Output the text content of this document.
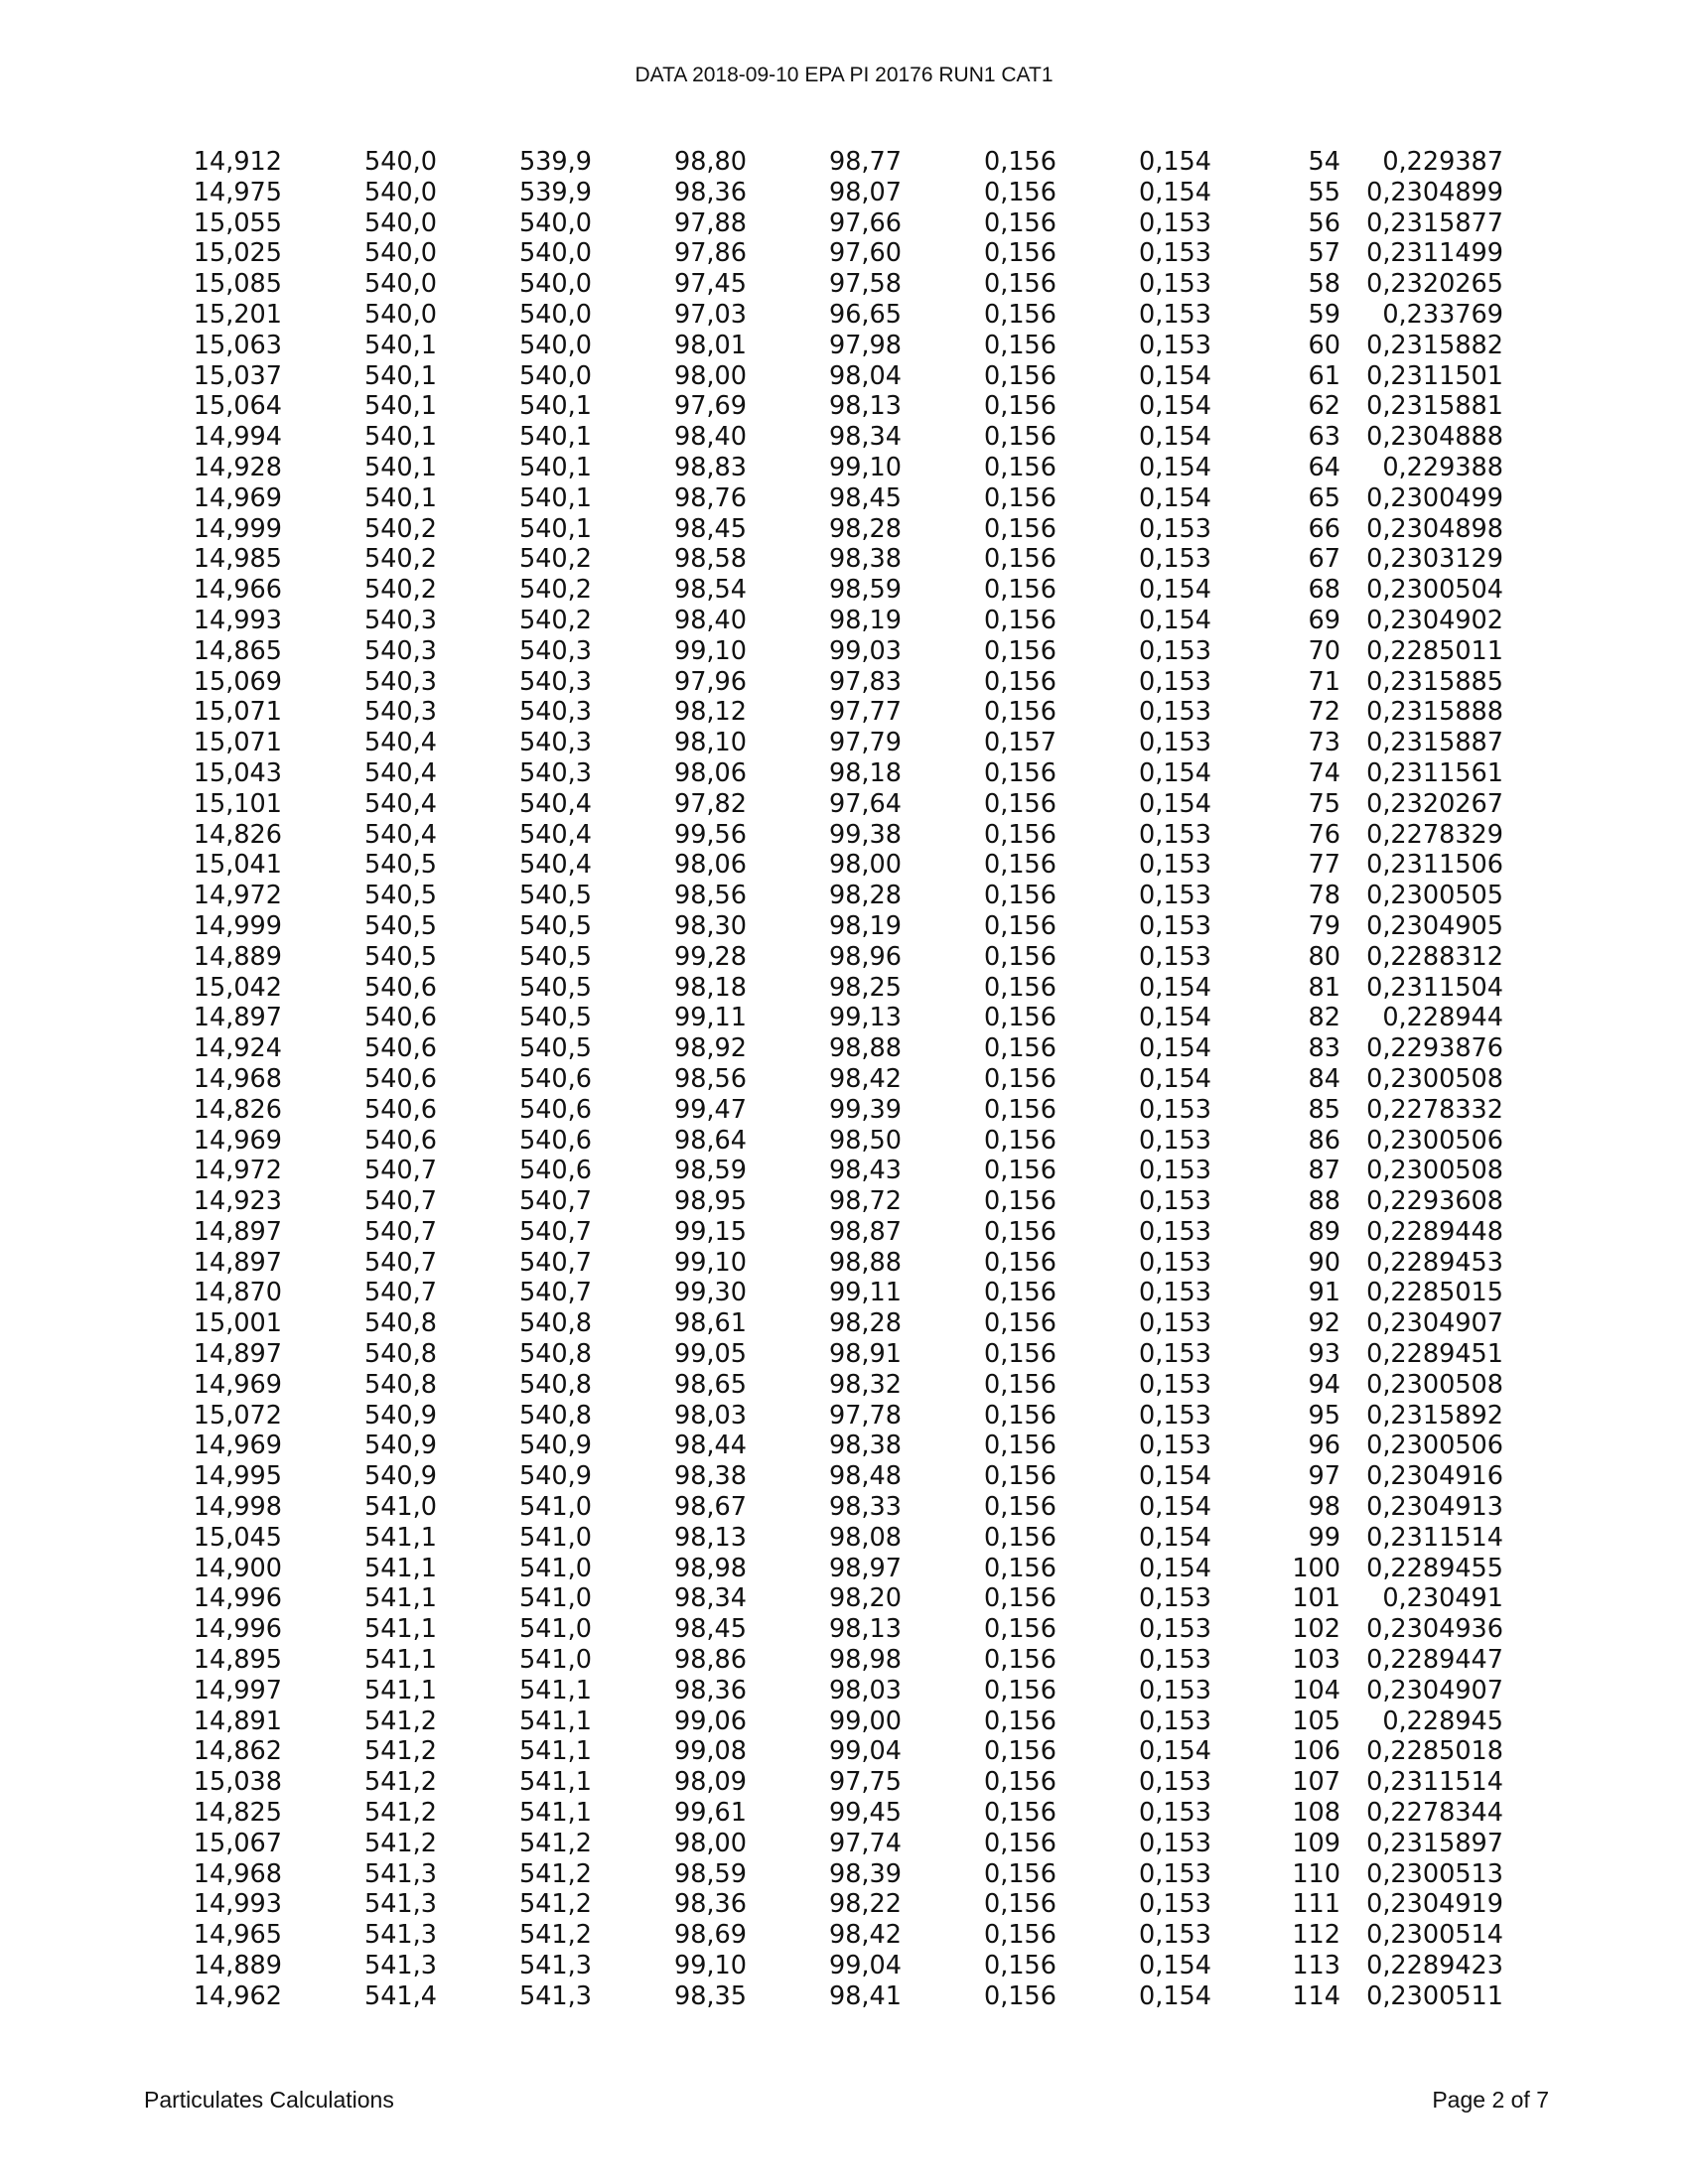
DATA 2018-09-10 EPA PI 20176 RUN1 CAT1
14,912	540,0	539,9	98,80	98,77	0,156	0,154	54	0,229387
14,975	540,0	539,9	98,36	98,07	0,156	0,154	55	0,2304899
15,055	540,0	540,0	97,88	97,66	0,156	0,153	56	0,2315877
15,025	540,0	540,0	97,86	97,60	0,156	0,153	57	0,2311499
15,085	540,0	540,0	97,45	97,58	0,156	0,153	58	0,2320265
15,201	540,0	540,0	97,03	96,65	0,156	0,153	59	0,233769
15,063	540,1	540,0	98,01	97,98	0,156	0,153	60	0,2315882
15,037	540,1	540,0	98,00	98,04	0,156	0,154	61	0,2311501
15,064	540,1	540,1	97,69	98,13	0,156	0,154	62	0,2315881
14,994	540,1	540,1	98,40	98,34	0,156	0,154	63	0,2304888
14,928	540,1	540,1	98,83	99,10	0,156	0,154	64	0,229388
14,969	540,1	540,1	98,76	98,45	0,156	0,154	65	0,2300499
14,999	540,2	540,1	98,45	98,28	0,156	0,153	66	0,2304898
14,985	540,2	540,2	98,58	98,38	0,156	0,153	67	0,2303129
14,966	540,2	540,2	98,54	98,59	0,156	0,154	68	0,2300504
14,993	540,3	540,2	98,40	98,19	0,156	0,154	69	0,2304902
14,865	540,3	540,3	99,10	99,03	0,156	0,153	70	0,2285011
15,069	540,3	540,3	97,96	97,83	0,156	0,153	71	0,2315885
15,071	540,3	540,3	98,12	97,77	0,156	0,153	72	0,2315888
15,071	540,4	540,3	98,10	97,79	0,157	0,153	73	0,2315887
15,043	540,4	540,3	98,06	98,18	0,156	0,154	74	0,2311561
15,101	540,4	540,4	97,82	97,64	0,156	0,154	75	0,2320267
14,826	540,4	540,4	99,56	99,38	0,156	0,153	76	0,2278329
15,041	540,5	540,4	98,06	98,00	0,156	0,153	77	0,2311506
14,972	540,5	540,5	98,56	98,28	0,156	0,153	78	0,2300505
14,999	540,5	540,5	98,30	98,19	0,156	0,153	79	0,2304905
14,889	540,5	540,5	99,28	98,96	0,156	0,153	80	0,2288312
15,042	540,6	540,5	98,18	98,25	0,156	0,154	81	0,2311504
14,897	540,6	540,5	99,11	99,13	0,156	0,154	82	0,228944
14,924	540,6	540,5	98,92	98,88	0,156	0,154	83	0,2293876
14,968	540,6	540,6	98,56	98,42	0,156	0,154	84	0,2300508
14,826	540,6	540,6	99,47	99,39	0,156	0,153	85	0,2278332
14,969	540,6	540,6	98,64	98,50	0,156	0,153	86	0,2300506
14,972	540,7	540,6	98,59	98,43	0,156	0,153	87	0,2300508
14,923	540,7	540,7	98,95	98,72	0,156	0,153	88	0,2293608
14,897	540,7	540,7	99,15	98,87	0,156	0,153	89	0,2289448
14,897	540,7	540,7	99,10	98,88	0,156	0,153	90	0,2289453
14,870	540,7	540,7	99,30	99,11	0,156	0,153	91	0,2285015
15,001	540,8	540,8	98,61	98,28	0,156	0,153	92	0,2304907
14,897	540,8	540,8	99,05	98,91	0,156	0,153	93	0,2289451
14,969	540,8	540,8	98,65	98,32	0,156	0,153	94	0,2300508
15,072	540,9	540,8	98,03	97,78	0,156	0,153	95	0,2315892
14,969	540,9	540,9	98,44	98,38	0,156	0,153	96	0,2300506
14,995	540,9	540,9	98,38	98,48	0,156	0,154	97	0,2304916
14,998	541,0	541,0	98,67	98,33	0,156	0,154	98	0,2304913
15,045	541,1	541,0	98,13	98,08	0,156	0,154	99	0,2311514
14,900	541,1	541,0	98,98	98,97	0,156	0,154	100	0,2289455
14,996	541,1	541,0	98,34	98,20	0,156	0,153	101	0,230491
14,996	541,1	541,0	98,45	98,13	0,156	0,153	102	0,2304936
14,895	541,1	541,0	98,86	98,98	0,156	0,153	103	0,2289447
14,997	541,1	541,1	98,36	98,03	0,156	0,153	104	0,2304907
14,891	541,2	541,1	99,06	99,00	0,156	0,153	105	0,228945
14,862	541,2	541,1	99,08	99,04	0,156	0,154	106	0,2285018
15,038	541,2	541,1	98,09	97,75	0,156	0,153	107	0,2311514
14,825	541,2	541,1	99,61	99,45	0,156	0,153	108	0,2278344
15,067	541,2	541,2	98,00	97,74	0,156	0,153	109	0,2315897
14,968	541,3	541,2	98,59	98,39	0,156	0,153	110	0,2300513
14,993	541,3	541,2	98,36	98,22	0,156	0,153	111	0,2304919
14,965	541,3	541,2	98,69	98,42	0,156	0,153	112	0,2300514
14,889	541,3	541,3	99,10	99,04	0,156	0,154	113	0,2289423
14,962	541,4	541,3	98,35	98,41	0,156	0,154	114	0,2300511
Particulates Calculations	Page 2 of 7
